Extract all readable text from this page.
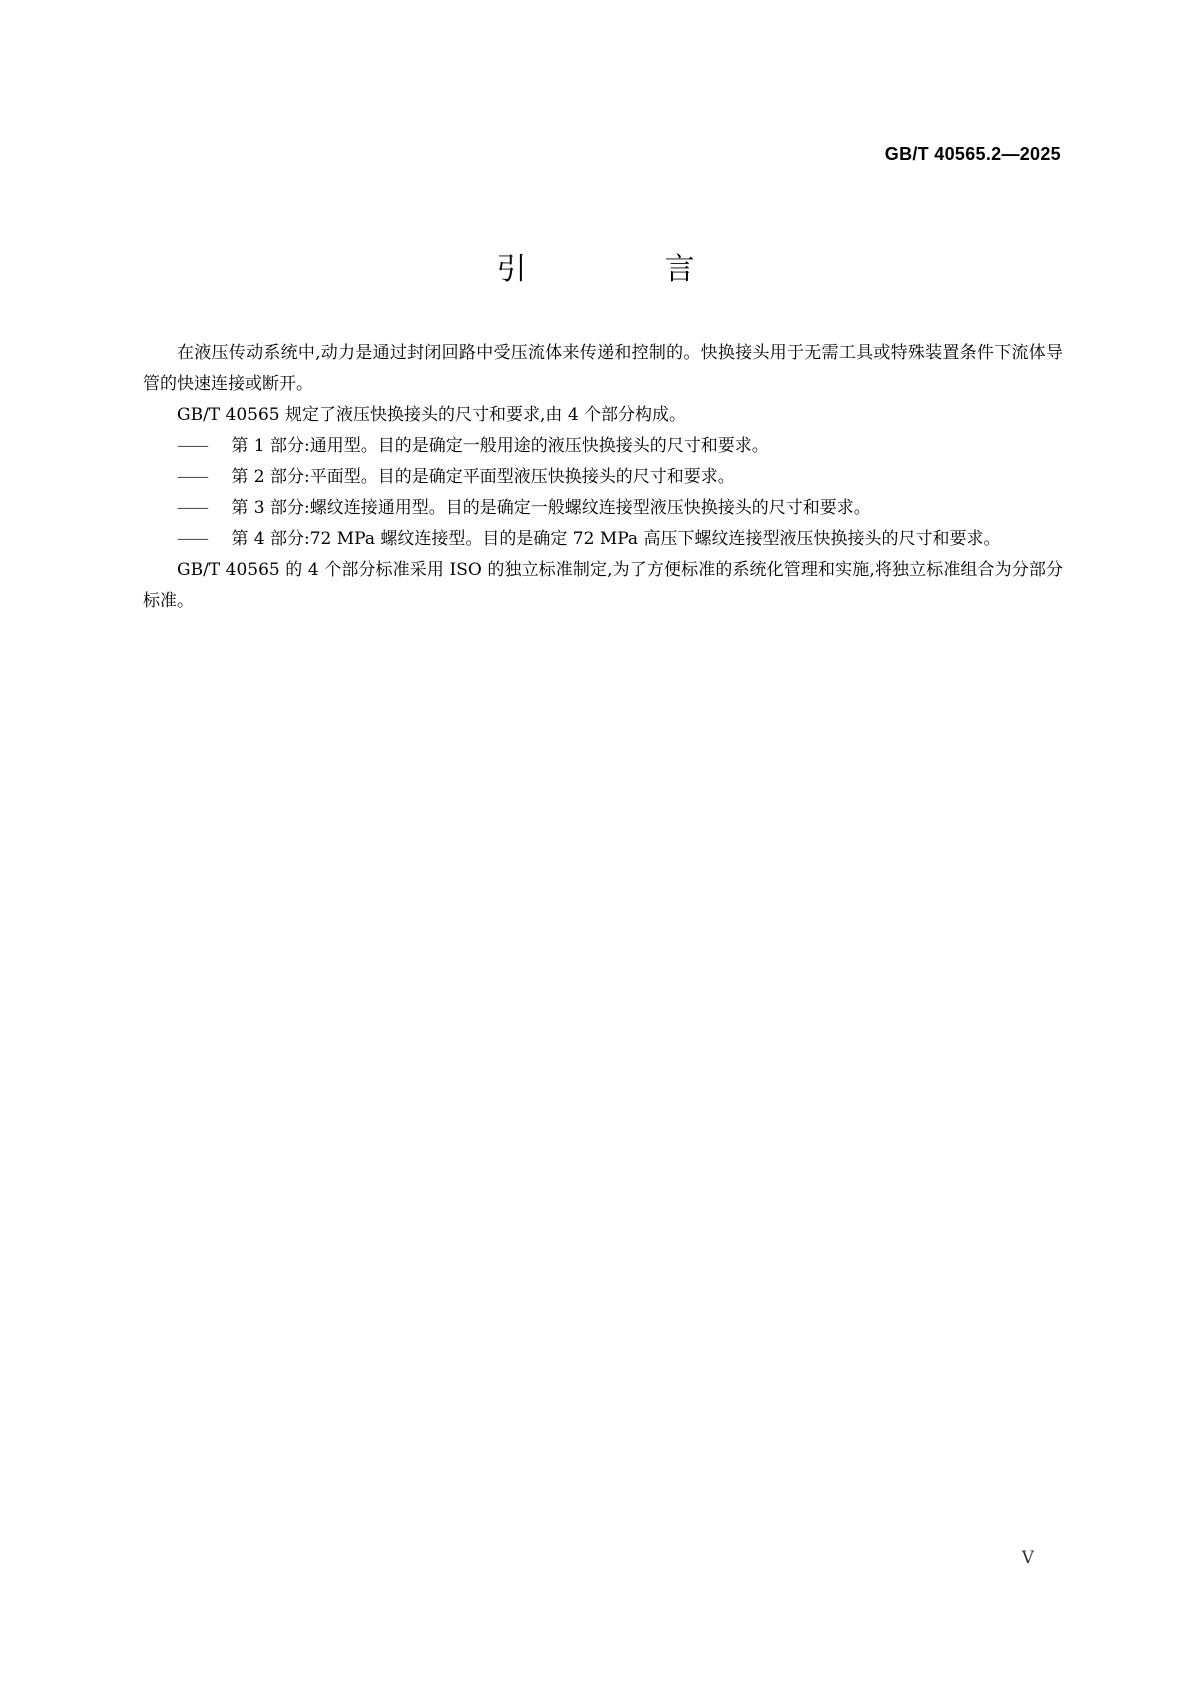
GB/T 40565.2—2025
引　言

在液压传动系统中,动力是通过封闭回路中受压流体来传递和控制的。快换接头用于无需工具或特殊装置条件下流体导管的快速连接或断开。

GB/T 40565 规定了液压快换接头的尺寸和要求,由 4 个部分构成。

—— 第 1 部分:通用型。目的是确定一般用途的液压快换接头的尺寸和要求。

—— 第 2 部分:平面型。目的是确定平面型液压快换接头的尺寸和要求。

—— 第 3 部分:螺纹连接通用型。目的是确定一般螺纹连接型液压快换接头的尺寸和要求。

—— 第 4 部分:72 MPa 螺纹连接型。目的是确定 72 MPa 高压下螺纹连接型液压快换接头的尺寸和要求。

GB/T 40565 的 4 个部分标准采用 ISO 的独立标准制定,为了方便标准的系统化管理和实施,将独立标准组合为分部分标准。

V
